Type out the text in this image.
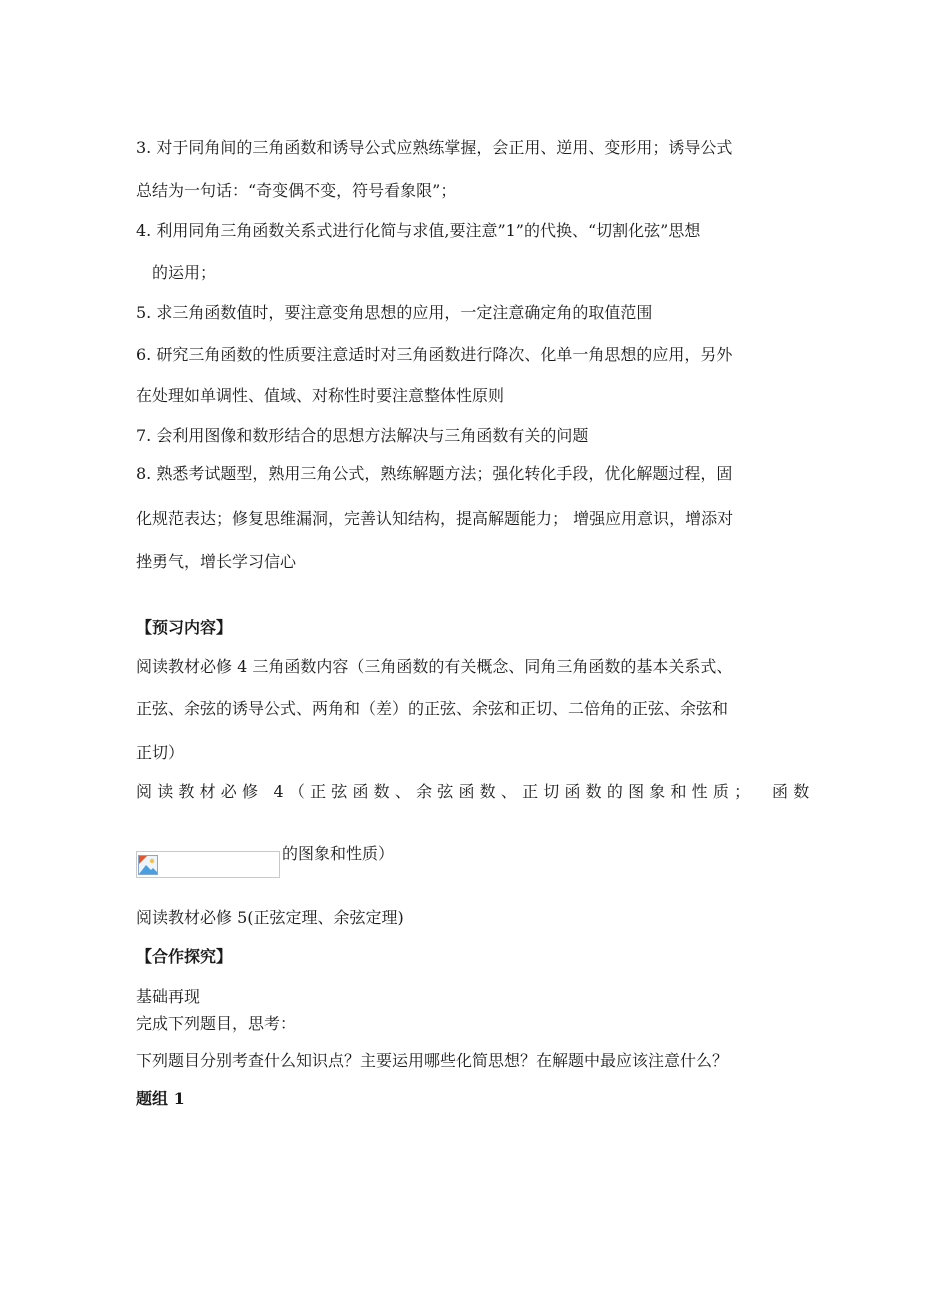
3. 对于同角间的三角函数和诱导公式应熟练掌握，会正用、逆用、变形用；诱导公式
总结为一句话：“奇变偶不变，符号看象限”；
4. 利用同角三角函数关系式进行化简与求值,要注意”1”的代换、“切割化弦”思想
的运用；
5. 求三角函数值时，要注意变角思想的应用，一定注意确定角的取值范围
6. 研究三角函数的性质要注意适时对三角函数进行降次、化单一角思想的应用，另外
在处理如单调性、值域、对称性时要注意整体性原则
7. 会利用图像和数形结合的思想方法解决与三角函数有关的问题
8. 熟悉考试题型，熟用三角公式，熟练解题方法；强化转化手段，优化解题过程，固
化规范表达；修复思维漏洞，完善认知结构，提高解题能力； 增强应用意识，增添对
挫勇气，增长学习信心
【预习内容】
阅读教材必修 4 三角函数内容（三角函数的有关概念、同角三角函数的基本关系式、
正弦、余弦的诱导公式、两角和（差）的正弦、余弦和正切、二倍角的正弦、余弦和
正切）
阅读教材必修 4（正弦函数、余弦函数、正切函数的图象和性质； 函数
的图象和性质）
阅读教材必修 5(正弦定理、余弦定理)
【合作探究】
基础再现
完成下列题目，思考：
下列题目分别考查什么知识点？主要运用哪些化简思想？在解题中最应该注意什么？
题组 1
